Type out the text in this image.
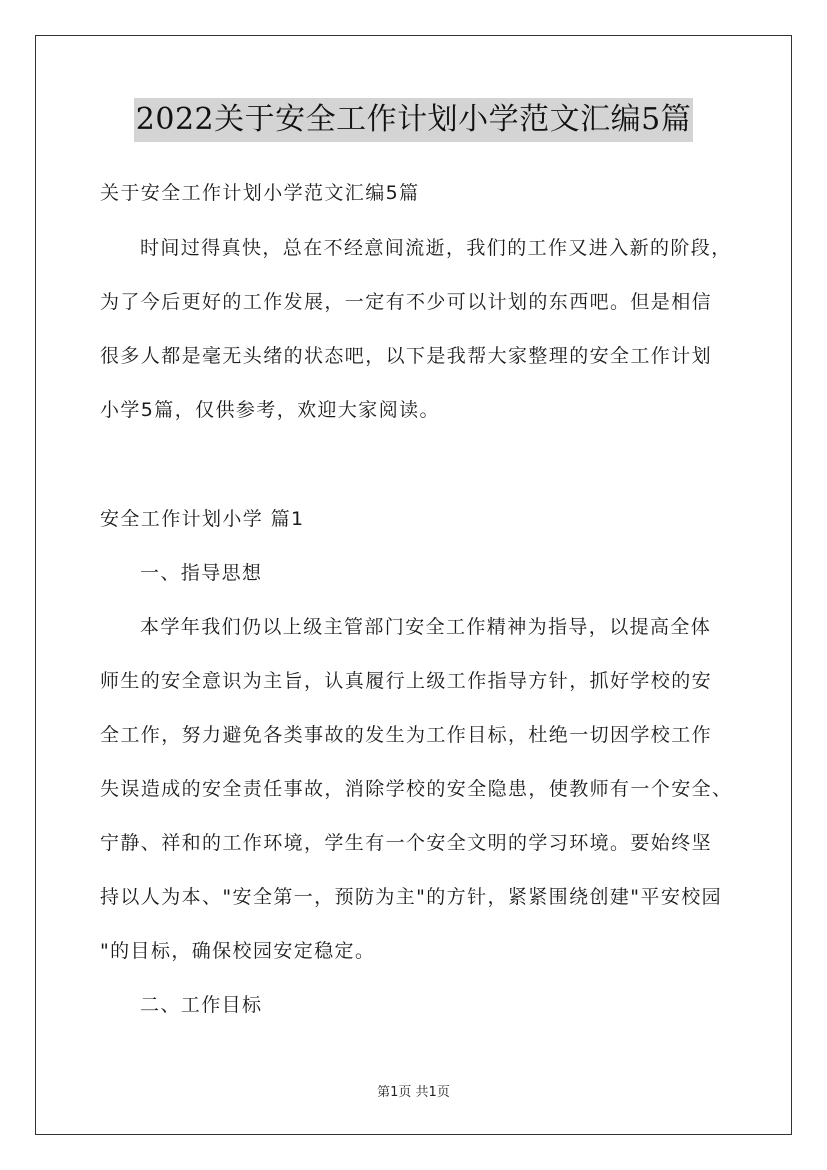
2022关于安全工作计划小学范文汇编5篇
关于安全工作计划小学范文汇编5篇
时间过得真快，总在不经意间流逝，我们的工作又进入新的阶段，
为了今后更好的工作发展，一定有不少可以计划的东西吧。但是相信
很多人都是毫无头绪的状态吧，以下是我帮大家整理的安全工作计划
小学5篇，仅供参考，欢迎大家阅读。
安全工作计划小学 篇1
一、指导思想
本学年我们仍以上级主管部门安全工作精神为指导，以提高全体
师生的安全意识为主旨，认真履行上级工作指导方针，抓好学校的安
全工作，努力避免各类事故的发生为工作目标，杜绝一切因学校工作
失误造成的安全责任事故，消除学校的安全隐患，使教师有一个安全、
宁静、祥和的工作环境，学生有一个安全文明的学习环境。要始终坚
持以人为本、"安全第一，预防为主"的方针，紧紧围绕创建"平安校园
"的目标，确保校园安定稳定。
二、工作目标
第1页 共1页
